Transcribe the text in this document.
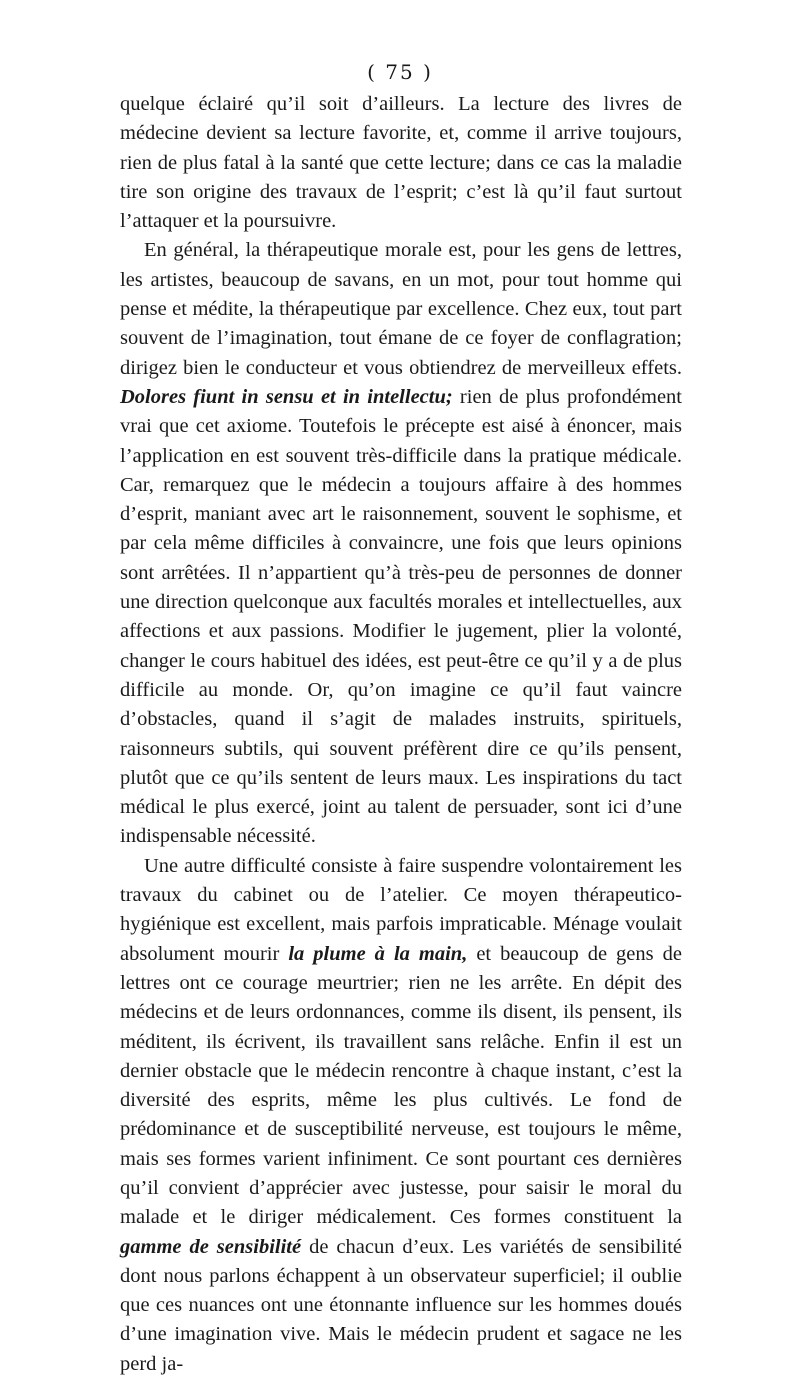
( 75 )

quelque éclairé qu’il soit d’ailleurs. La lecture des livres de médecine devient sa lecture favorite, et, comme il arrive toujours, rien de plus fatal à la santé que cette lecture; dans ce cas la maladie tire son origine des travaux de l’esprit; c’est là qu’il faut surtout l’attaquer et la poursuivre.

En général, la thérapeutique morale est, pour les gens de lettres, les artistes, beaucoup de savans, en un mot, pour tout homme qui pense et médite, la thérapeutique par excellence. Chez eux, tout part souvent de l’imagination, tout émane de ce foyer de conflagration; dirigez bien le conducteur et vous obtiendrez de merveilleux effets. Dolores fiunt in sensu et in intellectu; rien de plus profondément vrai que cet axiome. Toutefois le précepte est aisé à énoncer, mais l’application en est souvent très-difficile dans la pratique médicale. Car, remarquez que le médecin a toujours affaire à des hommes d’esprit, maniant avec art le raisonnement, souvent le sophisme, et par cela même difficiles à convaincre, une fois que leurs opinions sont arrêtées. Il n’appartient qu’à très-peu de personnes de donner une direction quelconque aux facultés morales et intellectuelles, aux affections et aux passions. Modifier le jugement, plier la volonté, changer le cours habituel des idées, est peut-être ce qu’il y a de plus difficile au monde. Or, qu’on imagine ce qu’il faut vaincre d’obstacles, quand il s’agit de malades instruits, spirituels, raisonneurs subtils, qui souvent préfèrent dire ce qu’ils pensent, plutôt que ce qu’ils sentent de leurs maux. Les inspirations du tact médical le plus exercé, joint au talent de persuader, sont ici d’une indispensable nécessité.

Une autre difficulté consiste à faire suspendre volontairement les travaux du cabinet ou de l’atelier. Ce moyen thérapeutico-hygiénique est excellent, mais parfois impraticable. Ménage voulait absolument mourir la plume à la main, et beaucoup de gens de lettres ont ce courage meurtrier; rien ne les arrête. En dépit des médecins et de leurs ordonnances, comme ils disent, ils pensent, ils méditent, ils écrivent, ils travaillent sans relâche. Enfin il est un dernier obstacle que le médecin rencontre à chaque instant, c’est la diversité des esprits, même les plus cultivés. Le fond de prédominance et de susceptibilité nerveuse, est toujours le même, mais ses formes varient infiniment. Ce sont pourtant ces dernières qu’il convient d’apprécier avec justesse, pour saisir le moral du malade et le diriger médicalement. Ces formes constituent la gamme de sensibilité de chacun d’eux. Les variétés de sensibilité dont nous parlons échappent à un observateur superficiel; il oublie que ces nuances ont une étonnante influence sur les hommes doués d’une imagination vive. Mais le médecin prudent et sagace ne les perd ja-
